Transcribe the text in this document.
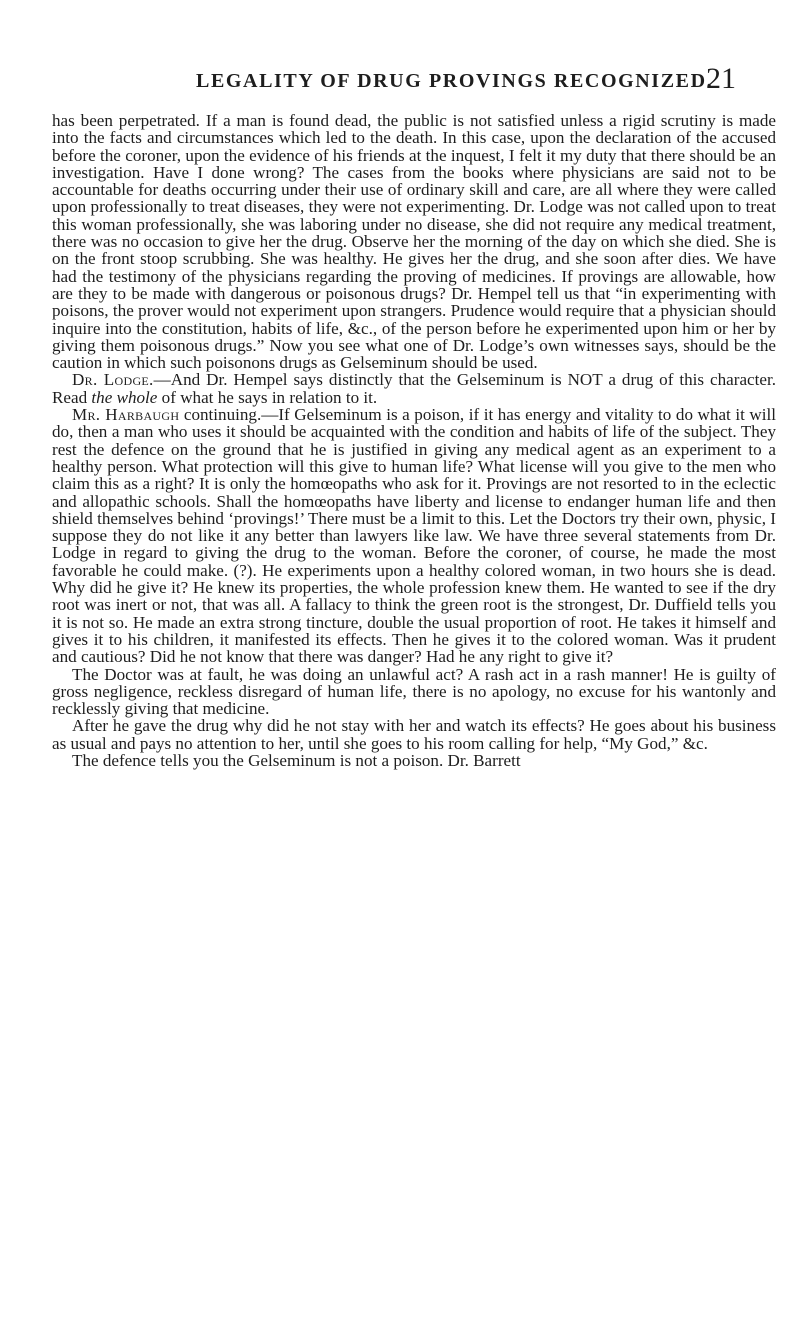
LEGALITY OF DRUG PROVINGS RECOGNIZED.
21

has been perpetrated. If a man is found dead, the public is not satisfied unless a rigid scrutiny is made into the facts and circumstances which led to the death. In this case, upon the declaration of the accused before the coroner, upon the evidence of his friends at the inquest, I felt it my duty that there should be an investigation. Have I done wrong? The cases from the books where physicians are said not to be accountable for deaths occurring under their use of ordinary skill and care, are all where they were called upon professionally to treat diseases, they were not experimenting. Dr. Lodge was not called upon to treat this woman professionally, she was laboring under no disease, she did not require any medical treatment, there was no occasion to give her the drug. Observe her the morning of the day on which she died. She is on the front stoop scrubbing. She was healthy. He gives her the drug, and she soon after dies. We have had the testimony of the physicians regarding the proving of medicines. If provings are allowable, how are they to be made with dangerous or poisonous drugs? Dr. Hempel tell us that “in experimenting with poisons, the prover would not experiment upon strangers. Prudence would require that a physician should inquire into the constitution, habits of life, &c., of the person before he experimented upon him or her by giving them poisonous drugs.” Now you see what one of Dr. Lodge’s own witnesses says, should be the caution in which such poisonons drugs as Gelseminum should be used.

Dr. Lodge.—And Dr. Hempel says distinctly that the Gelseminum is NOT a drug of this character. Read the whole of what he says in relation to it.

Mr. Harbaugh continuing.—If Gelseminum is a poison, if it has energy and vitality to do what it will do, then a man who uses it should be acquainted with the condition and habits of life of the subject. They rest the defence on the ground that he is justified in giving any medical agent as an experiment to a healthy person. What protection will this give to human life? What license will you give to the men who claim this as a right? It is only the homœopaths who ask for it. Provings are not resorted to in the eclectic and allopathic schools. Shall the homœopaths have liberty and license to endanger human life and then shield themselves behind ‘provings!’ There must be a limit to this. Let the Doctors try their own, physic, I suppose they do not like it any better than lawyers like law. We have three several statements from Dr. Lodge in regard to giving the drug to the woman. Before the coroner, of course, he made the most favorable he could make. (?). He experiments upon a healthy colored woman, in two hours she is dead. Why did he give it? He knew its properties, the whole profession knew them. He wanted to see if the dry root was inert or not, that was all. A fallacy to think the green root is the strongest, Dr. Duffield tells you it is not so. He made an extra strong tincture, double the usual proportion of root. He takes it himself and gives it to his children, it manifested its effects. Then he gives it to the colored woman. Was it prudent and cautious? Did he not know that there was danger? Had he any right to give it?

The Doctor was at fault, he was doing an unlawful act? A rash act in a rash manner! He is guilty of gross negligence, reckless disregard of human life, there is no apology, no excuse for his wantonly and recklessly giving that medicine.

After he gave the drug why did he not stay with her and watch its effects? He goes about his business as usual and pays no attention to her, until she goes to his room calling for help, “My God,” &c.

The defence tells you the Gelseminum is not a poison. Dr. Barrett
